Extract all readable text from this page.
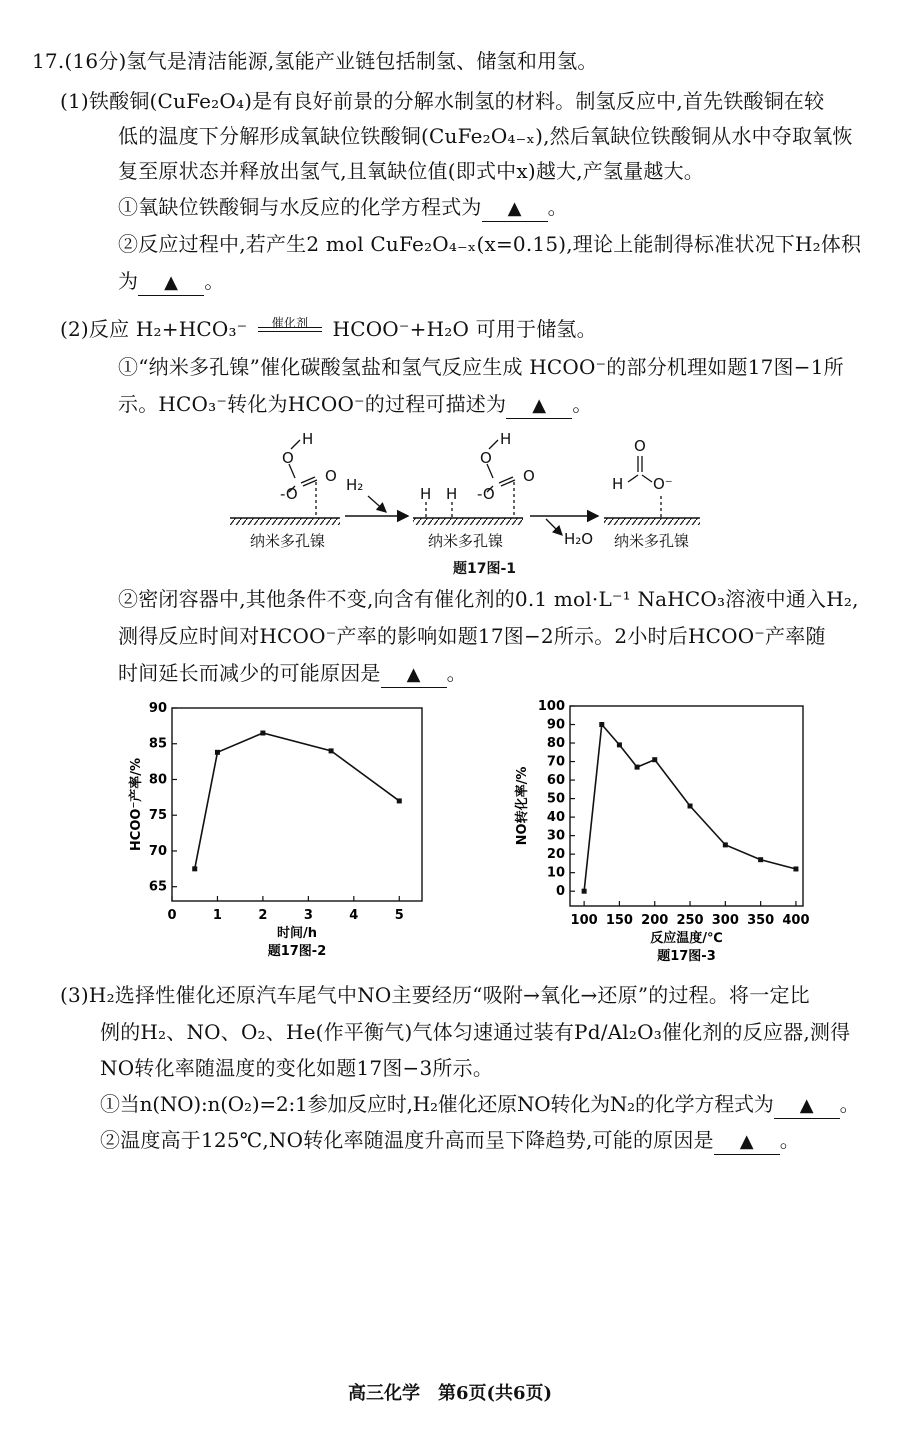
17.(16分)氢气是清洁能源,氢能产业链包括制氢、储氢和用氢。
(1)铁酸铜(CuFe₂O₄)是有良好前景的分解水制氢的材料。制氢反应中,首先铁酸铜在较
低的温度下分解形成氧缺位铁酸铜(CuFe₂O₄₋ₓ),然后氧缺位铁酸铜从水中夺取氧恢
复至原状态并释放出氢气,且氧缺位值(即式中x)越大,产氢量越大。
①氧缺位铁酸铜与水反应的化学方程式为 ▲ 。
②反应过程中,若产生2 mol CuFe₂O₄₋ₓ(x=0.15),理论上能制得标准状况下H₂体积
为 ▲ 。
(2)反应 H₂+HCO₃⁻	催化剂	HCOO⁻+H₂O 可用于储氢。
①“纳米多孔镍”催化碳酸氢盐和氢气反应生成 HCOO⁻的部分机理如题17图−1所
示。HCO₃⁻转化为HCOO⁻的过程可描述为 ▲ 。
H
O
O
-O	H₂
H
O
O
-O
H H
O
H O⁻
纳米多孔镍	纳米多孔镍	H₂O 纳米多孔镍
题17图-1
②密闭容器中,其他条件不变,向含有催化剂的0.1 mol·L⁻¹ NaHCO₃溶液中通入H₂,
测得反应时间对HCOO⁻产率的影响如题17图−2所示。2小时后HCOO⁻产率随
时间延长而减少的可能原因是 ▲ 。
0	1	2	3	4	5
65
70
75
80
85
90
时间/h
HCOO⁻产率/%
题17图-2
100 150 200 250 300 350 400
0
10
20
30
40
50
60
70
80
90
100
反应温度/℃
NO转化率/%
题17图-3
(3)H₂选择性催化还原汽车尾气中NO主要经历“吸附→氧化→还原”的过程。将一定比
例的H₂、NO、O₂、He(作平衡气)气体匀速通过装有Pd/Al₂O₃催化剂的反应器,测得
NO转化率随温度的变化如题17图−3所示。
①当n(NO):n(O₂)=2:1参加反应时,H₂催化还原NO转化为N₂的化学方程式为 ▲ 。
②温度高于125℃,NO转化率随温度升高而呈下降趋势,可能的原因是 ▲ 。
高三化学　第6页(共6页)
